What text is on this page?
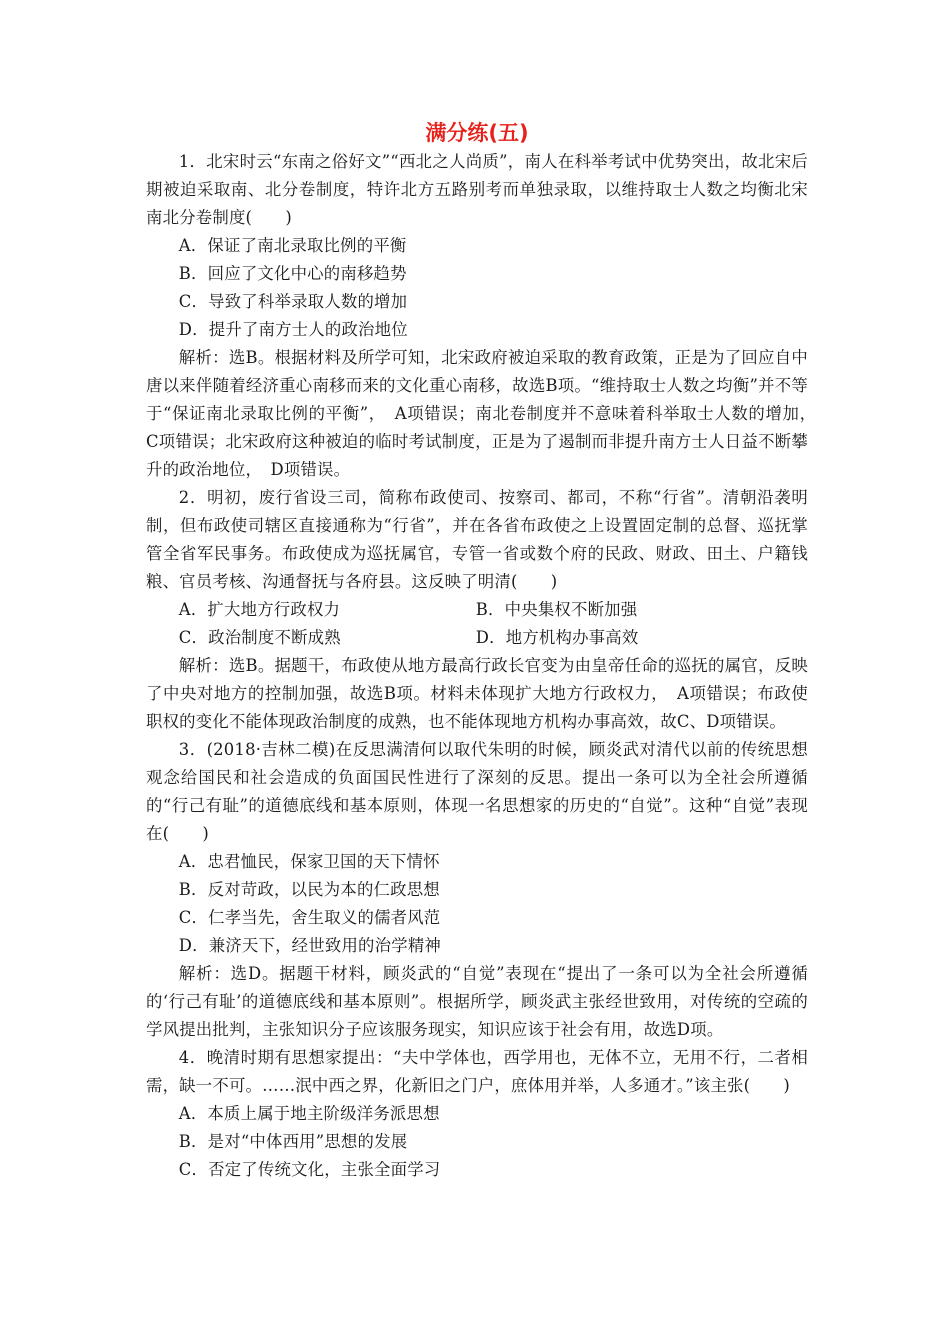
满分练(五)

1．北宋时云“东南之俗好文”“西北之人尚质”，南人在科举考试中优势突出，故北宋后期被迫采取南、北分卷制度，特许北方五路别考而单独录取，以维持取士人数之均衡北宋南北分卷制度(　　)

A．保证了南北录取比例的平衡

B．回应了文化中心的南移趋势

C．导致了科举录取人数的增加

D．提升了南方士人的政治地位

解析：选B。根据材料及所学可知，北宋政府被迫采取的教育政策，正是为了回应自中唐以来伴随着经济重心南移而来的文化重心南移，故选B项。“维持取士人数之均衡”并不等于“保证南北录取比例的平衡”，　A项错误；南北卷制度并不意味着科举取士人数的增加，　C项错误；北宋政府这种被迫的临时考试制度，正是为了遏制而非提升南方士人日益不断攀升的政治地位，　D项错误。

2．明初，废行省设三司，简称布政使司、按察司、都司，不称“行省”。清朝沿袭明制，但布政使司辖区直接通称为“行省”，并在各省布政使之上设置固定制的总督、巡抚掌管全省军民事务。布政使成为巡抚属官，专管一省或数个府的民政、财政、田土、户籍钱粮、官员考核、沟通督抚与各府县。这反映了明清(　　)

A．扩大地方行政权力	B．中央集权不断加强
C．政治制度不断成熟	D．地方机构办事高效

解析：选B。据题干，布政使从地方最高行政长官变为由皇帝任命的巡抚的属官，反映了中央对地方的控制加强，故选B项。材料未体现扩大地方行政权力，　A项错误；布政使职权的变化不能体现政治制度的成熟，也不能体现地方机构办事高效，故C、D项错误。

3．(2018·吉林二模)在反思满清何以取代朱明的时候，顾炎武对清代以前的传统思想观念给国民和社会造成的负面国民性进行了深刻的反思。提出一条可以为全社会所遵循的“行己有耻”的道德底线和基本原则，体现一名思想家的历史的“自觉”。这种“自觉”表现在(　　)

A．忠君恤民，保家卫国的天下情怀

B．反对苛政，以民为本的仁政思想

C．仁孝当先，舍生取义的儒者风范

D．兼济天下，经世致用的治学精神

解析：选D。据题干材料，顾炎武的“自觉”表现在“提出了一条可以为全社会所遵循的‘行己有耻’的道德底线和基本原则”。根据所学，顾炎武主张经世致用，对传统的空疏的学风提出批判，主张知识分子应该服务现实，知识应该于社会有用，故选D项。

4．晚清时期有思想家提出：“夫中学体也，西学用也，无体不立，无用不行，二者相需，缺一不可。……泯中西之界，化新旧之门户，庶体用并举，人多通才。”该主张(　　)

A．本质上属于地主阶级洋务派思想

B．是对“中体西用”思想的发展

C．否定了传统文化，主张全面学习
